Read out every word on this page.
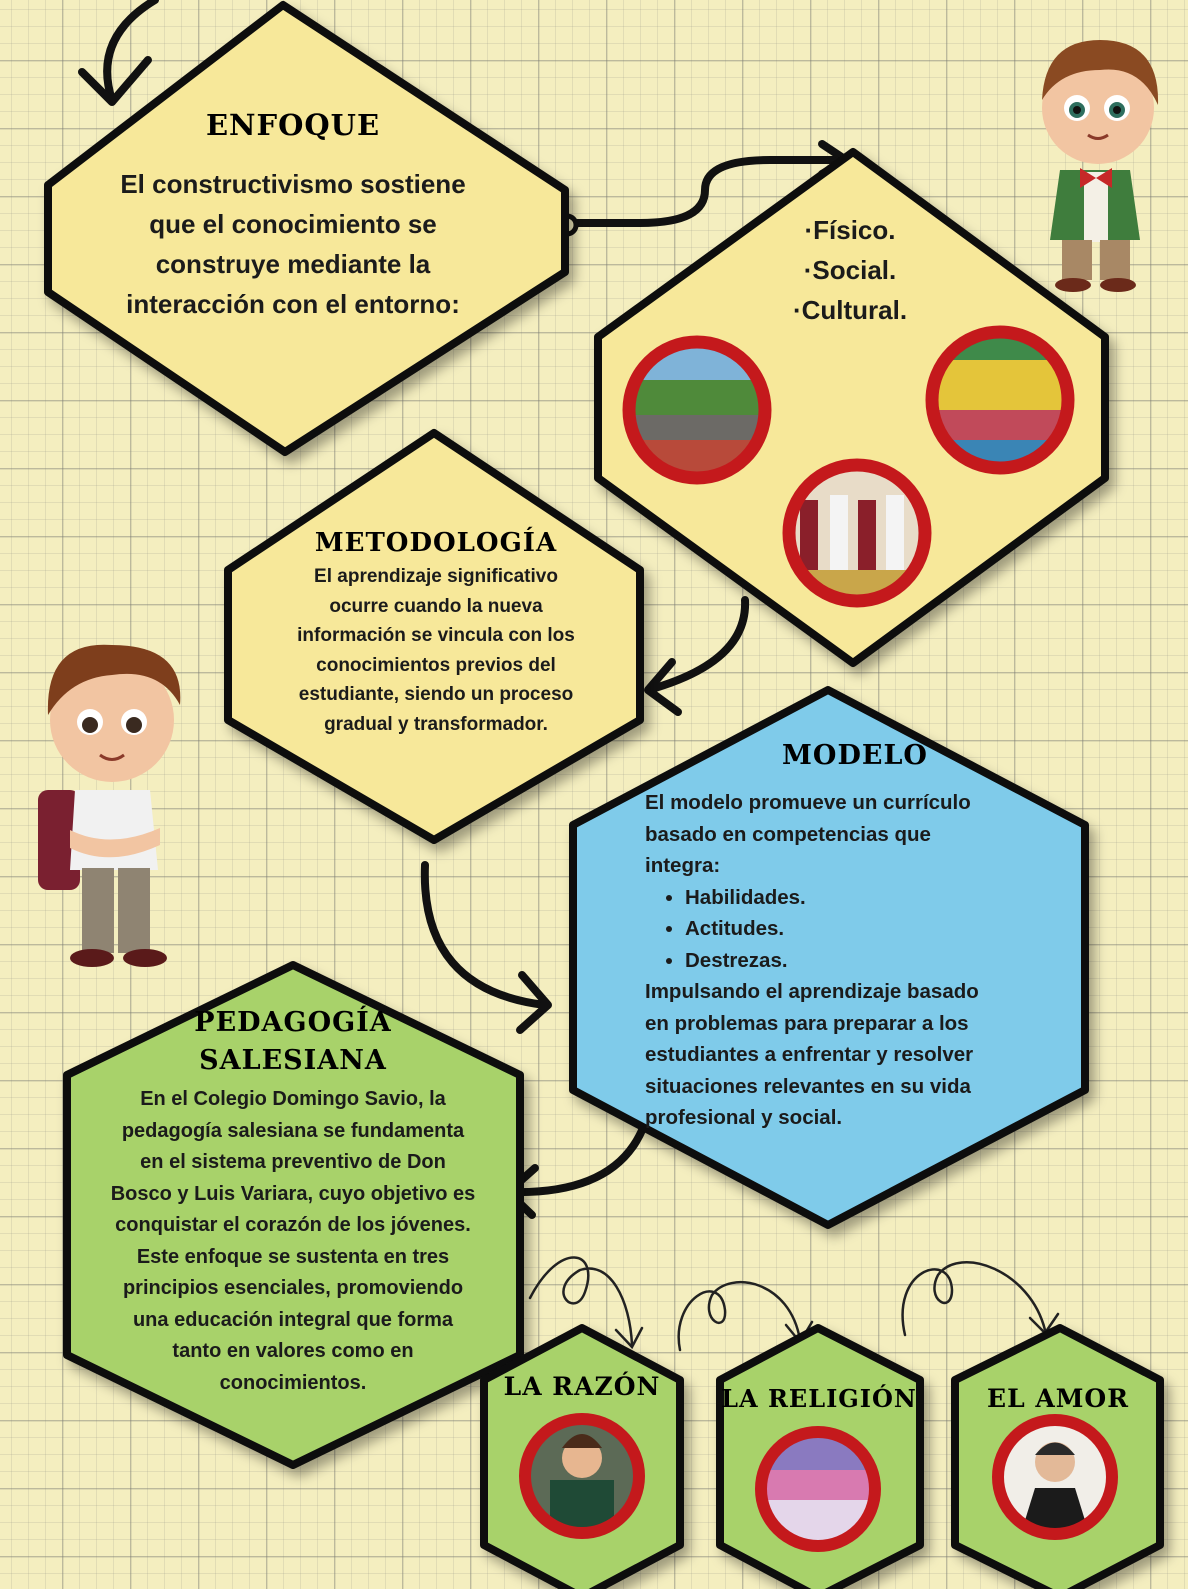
ENFOQUE
El constructivismo sostiene
que el conocimiento se
construye mediante la
interacción con el entorno:
·Físico.
·Social.
·Cultural.
METODOLOGÍA
El aprendizaje significativo
ocurre cuando la nueva
información se vincula con los
conocimientos previos del
estudiante, siendo un proceso
gradual y transformador.
MODELO
El modelo promueve un currículo
basado en competencias que
integra:
• Habilidades.
• Actitudes.
• Destrezas.
Impulsando el aprendizaje basado
en problemas para preparar a los
estudiantes a enfrentar y resolver
situaciones relevantes en su vida
profesional y social.
PEDAGOGÍA
SALESIANA
En el Colegio Domingo Savio, la
pedagogía salesiana se fundamenta
en el sistema preventivo de Don
Bosco y Luis Variara, cuyo objetivo es
conquistar el corazón de los jóvenes.
Este enfoque se sustenta en tres
principios esenciales, promoviendo
una educación integral que forma
tanto en valores como en
conocimientos.	LA RAZÓN	LA RELIGIÓN	EL AMOR
